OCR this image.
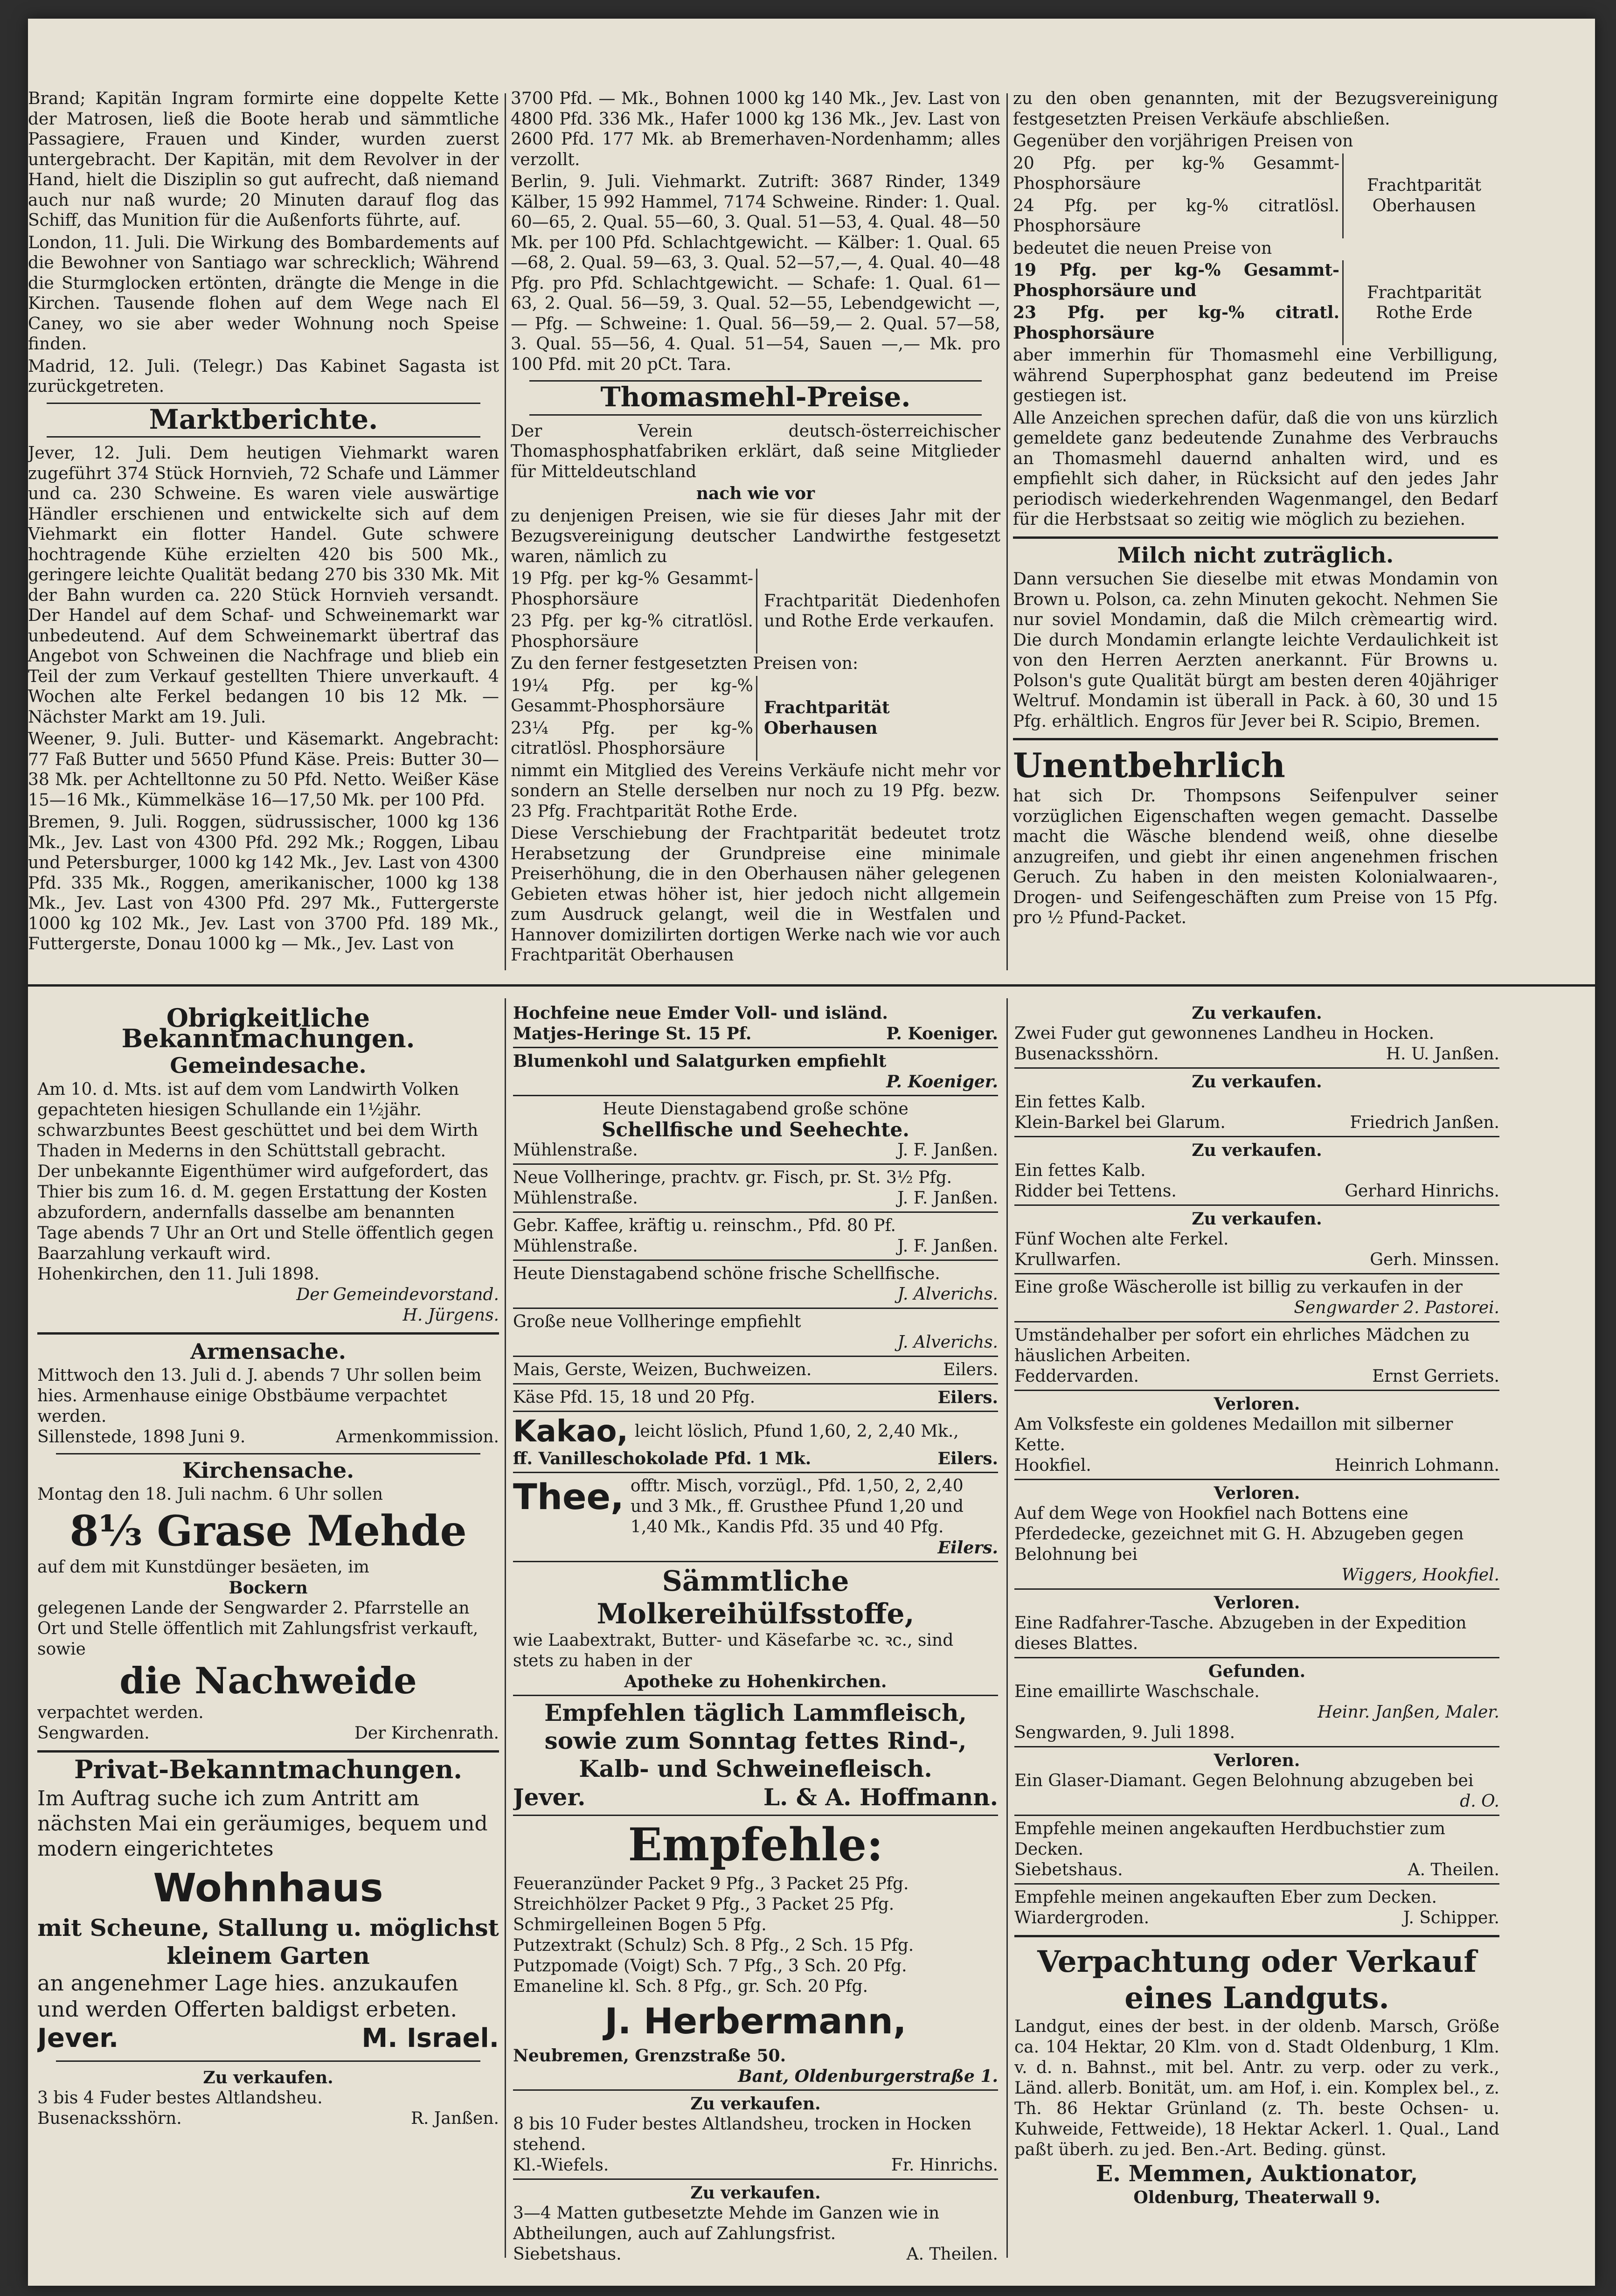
Brand; Kapitän Ingram formirte eine doppelte Kette der Matrosen, ließ die Boote herab und sämmtliche Passagiere, Frauen und Kinder, wurden zuerst untergebracht. Der Kapitän, mit dem Revolver in der Hand, hielt die Disziplin so gut aufrecht, daß niemand auch nur naß wurde; 20 Minuten darauf flog das Schiff, das Munition für die Außenforts führte, auf.

London, 11. Juli. Die Wirkung des Bombardements auf die Bewohner von Santiago war schrecklich; Während die Sturmglocken ertönten, drängte die Menge in die Kirchen. Tausende flohen auf dem Wege nach El Caney, wo sie aber weder Wohnung noch Speise finden.

Madrid, 12. Juli. (Telegr.) Das Kabinet Sagasta ist zurückgetreten.

Marktberichte.

Jever, 12. Juli. Dem heutigen Viehmarkt waren zugeführt 374 Stück Hornvieh, 72 Schafe und Lämmer und ca. 230 Schweine. Es waren viele auswärtige Händler erschienen und entwickelte sich auf dem Viehmarkt ein flotter Handel. Gute schwere hochtragende Kühe erzielten 420 bis 500 Mk., geringere leichte Qualität bedang 270 bis 330 Mk. Mit der Bahn wurden ca. 220 Stück Hornvieh versandt. Der Handel auf dem Schaf- und Schweinemarkt war unbedeutend. Auf dem Schweinemarkt übertraf das Angebot von Schweinen die Nachfrage und blieb ein Teil der zum Verkauf gestellten Thiere unverkauft. 4 Wochen alte Ferkel bedangen 10 bis 12 Mk. — Nächster Markt am 19. Juli.

Weener, 9. Juli. Butter- und Käsemarkt. Angebracht: 77 Faß Butter und 5650 Pfund Käse. Preis: Butter 30—38 Mk. per Achtelltonne zu 50 Pfd. Netto. Weißer Käse 15—16 Mk., Kümmelkäse 16—17,50 Mk. per 100 Pfd.

Bremen, 9. Juli. Roggen, südrussischer, 1000 kg 136 Mk., Jev. Last von 4300 Pfd. 292 Mk.; Roggen, Libau und Petersburger, 1000 kg 142 Mk., Jev. Last von 4300 Pfd. 335 Mk., Roggen, amerikanischer, 1000 kg 138 Mk., Jev. Last von 4300 Pfd. 297 Mk., Futtergerste 1000 kg 102 Mk., Jev. Last von 3700 Pfd. 189 Mk., Futtergerste, Donau 1000 kg — Mk., Jev. Last von

3700 Pfd. — Mk., Bohnen 1000 kg 140 Mk., Jev. Last von 4800 Pfd. 336 Mk., Hafer 1000 kg 136 Mk., Jev. Last von 2600 Pfd. 177 Mk. ab Bremerhaven-Nordenhamm; alles verzollt.

Berlin, 9. Juli. Viehmarkt. Zutrift: 3687 Rinder, 1349 Kälber, 15 992 Hammel, 7174 Schweine. Rinder: 1. Qual. 60—65, 2. Qual. 55—60, 3. Qual. 51—53, 4. Qual. 48—50 Mk. per 100 Pfd. Schlachtgewicht. — Kälber: 1. Qual. 65—68, 2. Qual. 59—63, 3. Qual. 52—57,—, 4. Qual. 40—48 Pfg. pro Pfd. Schlachtgewicht. — Schafe: 1. Qual. 61—63, 2. Qual. 56—59, 3. Qual. 52—55, Lebendgewicht —,— Pfg. — Schweine: 1. Qual. 56—59,— 2. Qual. 57—58, 3. Qual. 55—56, 4. Qual. 51—54, Sauen —,— Mk. pro 100 Pfd. mit 20 pCt. Tara.

Thomasmehl-Preise.

Der Verein deutsch-österreichischer Thomasphosphatfabriken erklärt, daß seine Mitglieder für Mitteldeutschland

nach wie vor

zu denjenigen Preisen, wie sie für dieses Jahr mit der Bezugsvereinigung deutscher Landwirthe festgesetzt waren, nämlich zu

19 Pfg. per kg-% Gesammt-Phosphorsäure

23 Pfg. per kg-% citratlösl. Phosphorsäure

Frachtparität Diedenhofen und Rothe Erde verkaufen.

Zu den ferner festgesetzten Preisen von:

19¼ Pfg. per kg-% Gesammt-Phosphorsäure

23¼ Pfg. per kg-% citratlösl. Phosphorsäure

Frachtparität Oberhausen

nimmt ein Mitglied des Vereins Verkäufe nicht mehr vor sondern an Stelle derselben nur noch zu 19 Pfg. bezw. 23 Pfg. Frachtparität Rothe Erde.

Diese Verschiebung der Frachtparität bedeutet trotz Herabsetzung der Grundpreise eine minimale Preiserhöhung, die in den Oberhausen näher gelegenen Gebieten etwas höher ist, hier jedoch nicht allgemein zum Ausdruck gelangt, weil die in Westfalen und Hannover domizilirten dortigen Werke nach wie vor auch Frachtparität Oberhausen

zu den oben genannten, mit der Bezugsvereinigung festgesetzten Preisen Verkäufe abschließen.

Gegenüber den vorjährigen Preisen von

20 Pfg. per kg-% Gesammt-Phosphorsäure

24 Pfg. per kg-% citratlösl. Phosphorsäure

Frachtparität Oberhausen

bedeutet die neuen Preise von

19 Pfg. per kg-% Gesammt-Phosphorsäure und

23 Pfg. per kg-% citratl. Phosphorsäure

Frachtparität Rothe Erde

aber immerhin für Thomasmehl eine Verbilligung, während Superphosphat ganz bedeutend im Preise gestiegen ist.

Alle Anzeichen sprechen dafür, daß die von uns kürzlich gemeldete ganz bedeutende Zunahme des Verbrauchs an Thomasmehl dauernd anhalten wird, und es empfiehlt sich daher, in Rücksicht auf den jedes Jahr periodisch wiederkehrenden Wagenmangel, den Bedarf für die Herbstsaat so zeitig wie möglich zu beziehen.

Milch nicht zuträglich.

Dann versuchen Sie dieselbe mit etwas Mondamin von Brown u. Polson, ca. zehn Minuten gekocht. Nehmen Sie nur soviel Mondamin, daß die Milch crèmeartig wird. Die durch Mondamin erlangte leichte Verdaulichkeit ist von den Herren Aerzten anerkannt. Für Browns u. Polson's gute Qualität bürgt am besten deren 40jähriger Weltruf. Mondamin ist überall in Pack. à 60, 30 und 15 Pfg. erhältlich. Engros für Jever bei R. Scipio, Bremen.

Unentbehrlich

hat sich Dr. Thompsons Seifenpulver seiner vorzüglichen Eigenschaften wegen gemacht. Dasselbe macht die Wäsche blendend weiß, ohne dieselbe anzugreifen, und giebt ihr einen angenehmen frischen Geruch. Zu haben in den meisten Kolonialwaaren-, Drogen- und Seifengeschäften zum Preise von 15 Pfg. pro ½ Pfund-Packet.

Obrigkeitliche Bekanntmachungen.
Gemeindesache.

Am 10. d. Mts. ist auf dem vom Landwirth Volken gepachteten hiesigen Schullande ein 1½jähr. schwarzbuntes Beest geschüttet und bei dem Wirth Thaden in Mederns in den Schüttstall gebracht.

Der unbekannte Eigenthümer wird aufgefordert, das Thier bis zum 16. d. M. gegen Erstattung der Kosten abzufordern, andernfalls dasselbe am benannten Tage abends 7 Uhr an Ort und Stelle öffentlich gegen Baarzahlung verkauft wird.

Hohenkirchen, den 11. Juli 1898.

Der Gemeindevorstand.

H. Jürgens.

Armensache.

Mittwoch den 13. Juli d. J. abends 7 Uhr sollen beim hies. Armenhause einige Obstbäume verpachtet werden.

Sillenstede, 1898 Juni 9.	Armenkommission.

Kirchensache.

Montag den 18. Juli nachm. 6 Uhr sollen

8⅓ Grase Mehde

auf dem mit Kunstdünger besäeten, im

Bockern

gelegenen Lande der Sengwarder 2. Pfarrstelle an Ort und Stelle öffentlich mit Zahlungsfrist verkauft, sowie

die Nachweide

verpachtet werden.

Sengwarden.	Der Kirchenrath.

Privat-Bekanntmachungen.

Im Auftrag suche ich zum Antritt am nächsten Mai ein geräumiges, bequem und modern eingerichtetes

Wohnhaus

mit Scheune, Stallung u. möglichst kleinem Garten

an angenehmer Lage hies. anzukaufen und werden Offerten baldigst erbeten.

Jever.	M. Israel.

Zu verkaufen.

3 bis 4 Fuder bestes Altlandsheu.

Busenacksshörn.	R. Janßen.

Hochfeine neue Emder Voll- und isländ.

Matjes-Heringe St. 15 Pf.	P. Koeniger.

Blumenkohl und Salatgurken empfiehlt

P. Koeniger.

Heute Dienstagabend große schöne

Schellfische und Seehechte.

Mühlenstraße.	J. F. Janßen.

Neue Vollheringe, prachtv. gr. Fisch, pr. St. 3½ Pfg.

Mühlenstraße.	J. F. Janßen.

Gebr. Kaffee, kräftig u. reinschm., Pfd. 80 Pf.

Mühlenstraße.	J. F. Janßen.

Heute Dienstagabend schöne frische Schellfische.

J. Alverichs.

Große neue Vollheringe empfiehlt

J. Alverichs.

Mais, Gerste, Weizen, Buchweizen.	Eilers.

Käse Pfd. 15, 18 und 20 Pfg.	Eilers.

Kakao, leicht löslich, Pfund 1,60, 2, 2,40 Mk.,

ff. Vanilleschokolade Pfd. 1 Mk.	Eilers.

Thee, offtr. Misch, vorzügl., Pfd. 1,50, 2, 2,40 und 3 Mk., ff. Grusthee Pfund 1,20 und 1,40 Mk., Kandis Pfd. 35 und 40 Pfg.

Eilers.

Sämmtliche Molkereihülfsstoffe,

wie Laabextrakt, Butter- und Käsefarbe ꝛc. ꝛc., sind stets zu haben in der

Apotheke zu Hohenkirchen.

Empfehlen täglich Lammfleisch, sowie zum Sonntag fettes Rind-, Kalb- und Schweinefleisch.

Jever.	L. & A. Hoffmann.

Empfehle:

Feueranzünder Packet 9 Pfg., 3 Packet 25 Pfg.

Streichhölzer Packet 9 Pfg., 3 Packet 25 Pfg.

Schmirgelleinen Bogen 5 Pfg.

Putzextrakt (Schulz) Sch. 8 Pfg., 2 Sch. 15 Pfg.

Putzpomade (Voigt) Sch. 7 Pfg., 3 Sch. 20 Pfg.

Emaneline kl. Sch. 8 Pfg., gr. Sch. 20 Pfg.

J. Herbermann,

Neubremen, Grenzstraße 50.

Bant, Oldenburgerstraße 1.

Zu verkaufen.

8 bis 10 Fuder bestes Altlandsheu, trocken in Hocken stehend.

Kl.-Wiefels.	Fr. Hinrichs.

Zu verkaufen.

3—4 Matten gutbesetzte Mehde im Ganzen wie in Abtheilungen, auch auf Zahlungsfrist.

Siebetshaus.	A. Theilen.

Zu verkaufen.

Zwei Fuder gut gewonnenes Landheu in Hocken.

Busenacksshörn.	H. U. Janßen.

Zu verkaufen.

Ein fettes Kalb.

Klein-Barkel bei Glarum.	Friedrich Janßen.

Zu verkaufen.

Ein fettes Kalb.

Ridder bei Tettens.	Gerhard Hinrichs.

Zu verkaufen.

Fünf Wochen alte Ferkel.

Krullwarfen.	Gerh. Minssen.

Eine große Wäscherolle ist billig zu verkaufen in der

Sengwarder 2. Pastorei.

Umständehalber per sofort ein ehrliches Mädchen zu häuslichen Arbeiten.

Feddervarden.	Ernst Gerriets.

Verloren.

Am Volksfeste ein goldenes Medaillon mit silberner Kette.

Hookfiel.	Heinrich Lohmann.

Verloren.

Auf dem Wege von Hookfiel nach Bottens eine Pferdedecke, gezeichnet mit G. H. Abzugeben gegen Belohnung bei

Wiggers, Hookfiel.

Verloren.

Eine Radfahrer-Tasche. Abzugeben in der Expedition dieses Blattes.

Gefunden.

Eine emaillirte Waschschale.

Heinr. Janßen, Maler.

Sengwarden, 9. Juli 1898.

Verloren.

Ein Glaser-Diamant. Gegen Belohnung abzugeben bei

d. O.

Empfehle meinen angekauften Herdbuchstier zum Decken.

Siebetshaus.	A. Theilen.

Empfehle meinen angekauften Eber zum Decken.

Wiardergroden.	J. Schipper.

Verpachtung oder Verkauf eines Landguts.

Landgut, eines der best. in der oldenb. Marsch, Größe ca. 104 Hektar, 20 Klm. von d. Stadt Oldenburg, 1 Klm. v. d. n. Bahnst., mit bel. Antr. zu verp. oder zu verk., Länd. allerb. Bonität, um. am Hof, i. ein. Komplex bel., z. Th. 86 Hektar Grünland (z. Th. beste Ochsen- u. Kuhweide, Fettweide), 18 Hektar Ackerl. 1. Qual., Land paßt überh. zu jed. Ben.-Art. Beding. günst.

E. Memmen, Auktionator,

Oldenburg, Theaterwall 9.
